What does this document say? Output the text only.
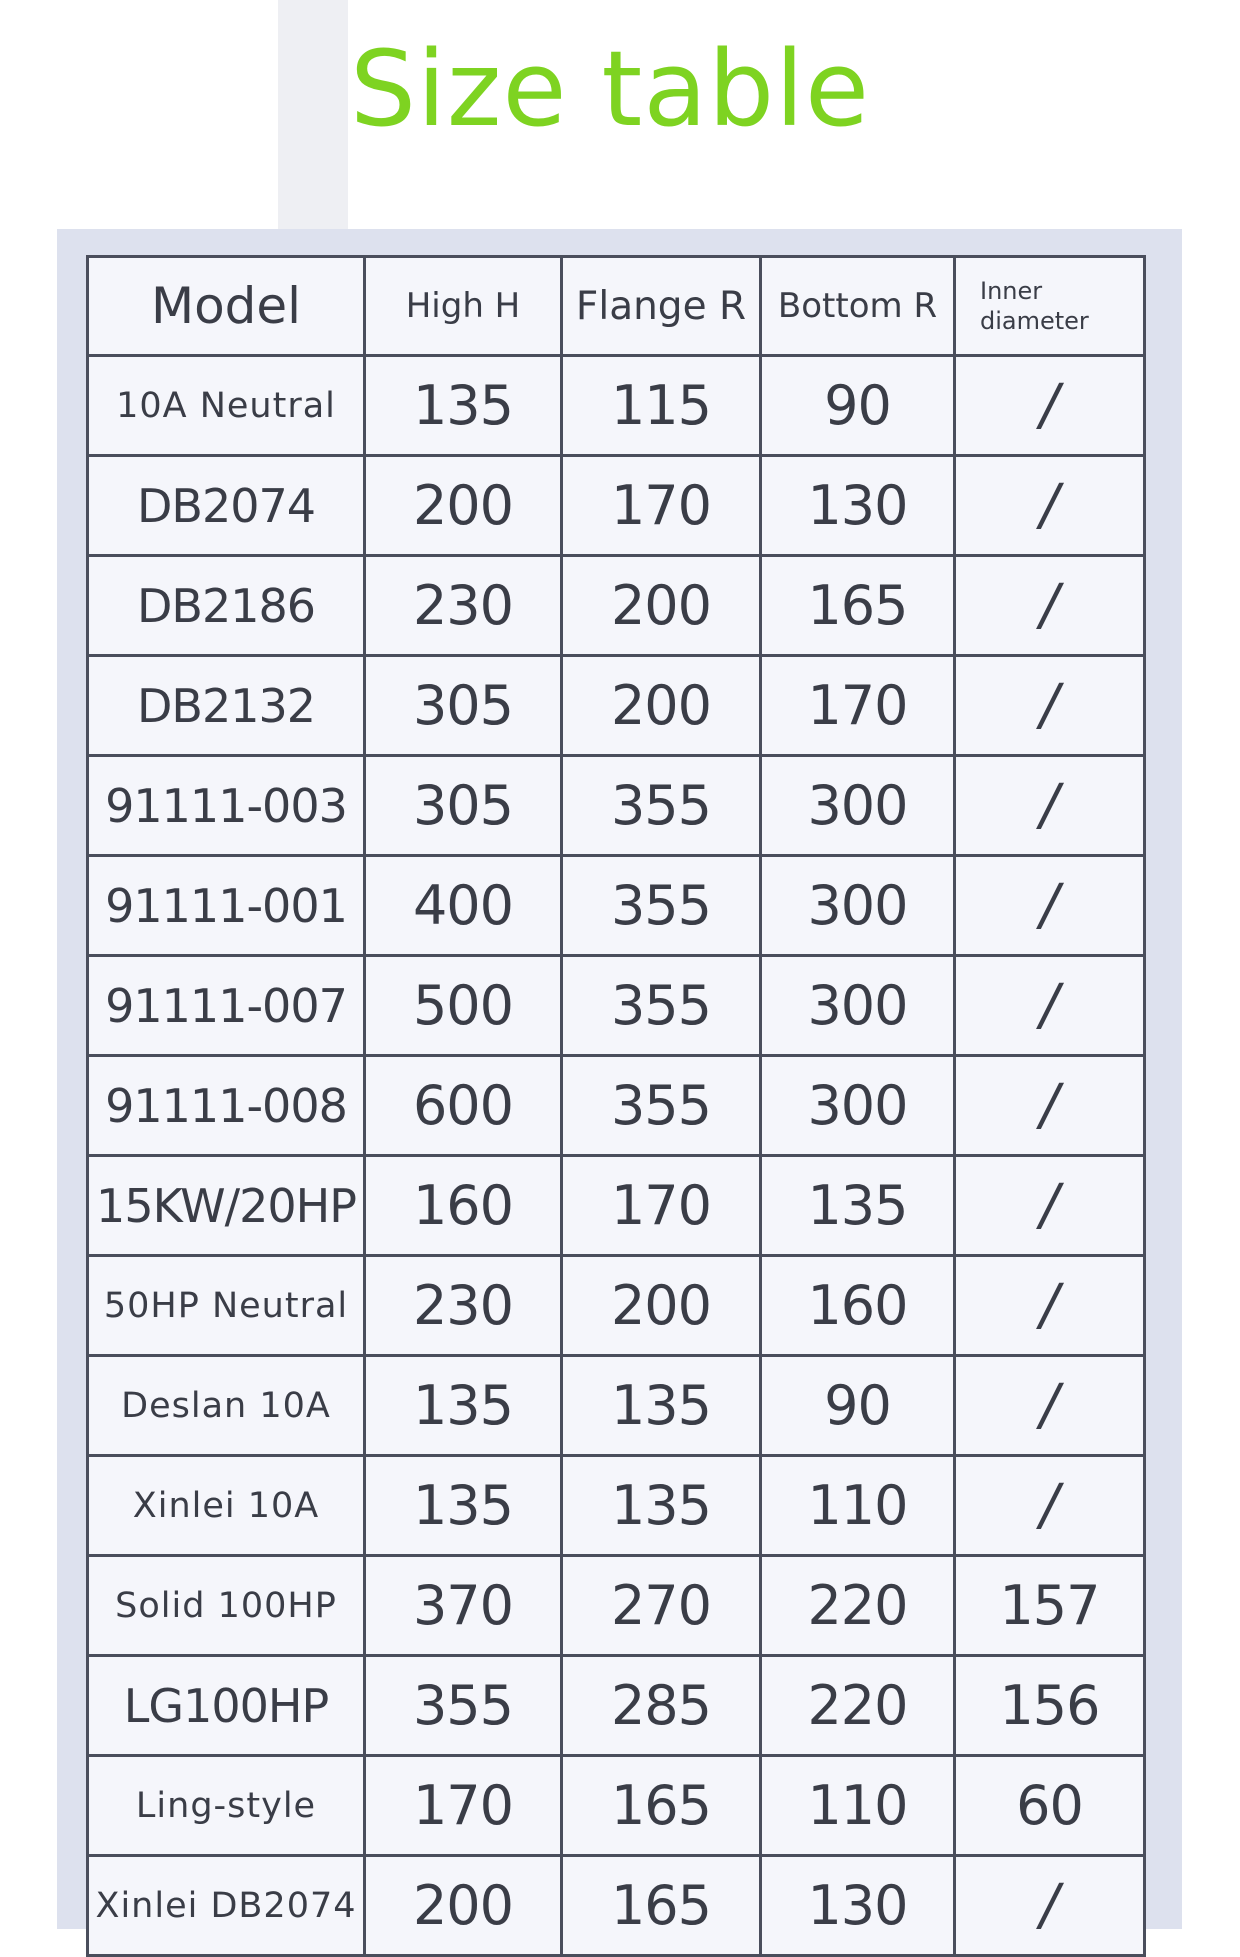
Size table
Model	High H	Flange R	Bottom R	Inner diameter
10A Neutral	135	115	90	/
DB2074	200	170	130	/
DB2186	230	200	165	/
DB2132	305	200	170	/
91111-003	305	355	300	/
91111-001	400	355	300	/
91111-007	500	355	300	/
91111-008	600	355	300	/
15KW/20HP	160	170	135	/
50HP Neutral	230	200	160	/
Deslan 10A	135	135	90	/
Xinlei 10A	135	135	110	/
Solid 100HP	370	270	220	157
LG100HP	355	285	220	156
Ling-style	170	165	110	60
Xinlei DB2074	200	165	130	/
